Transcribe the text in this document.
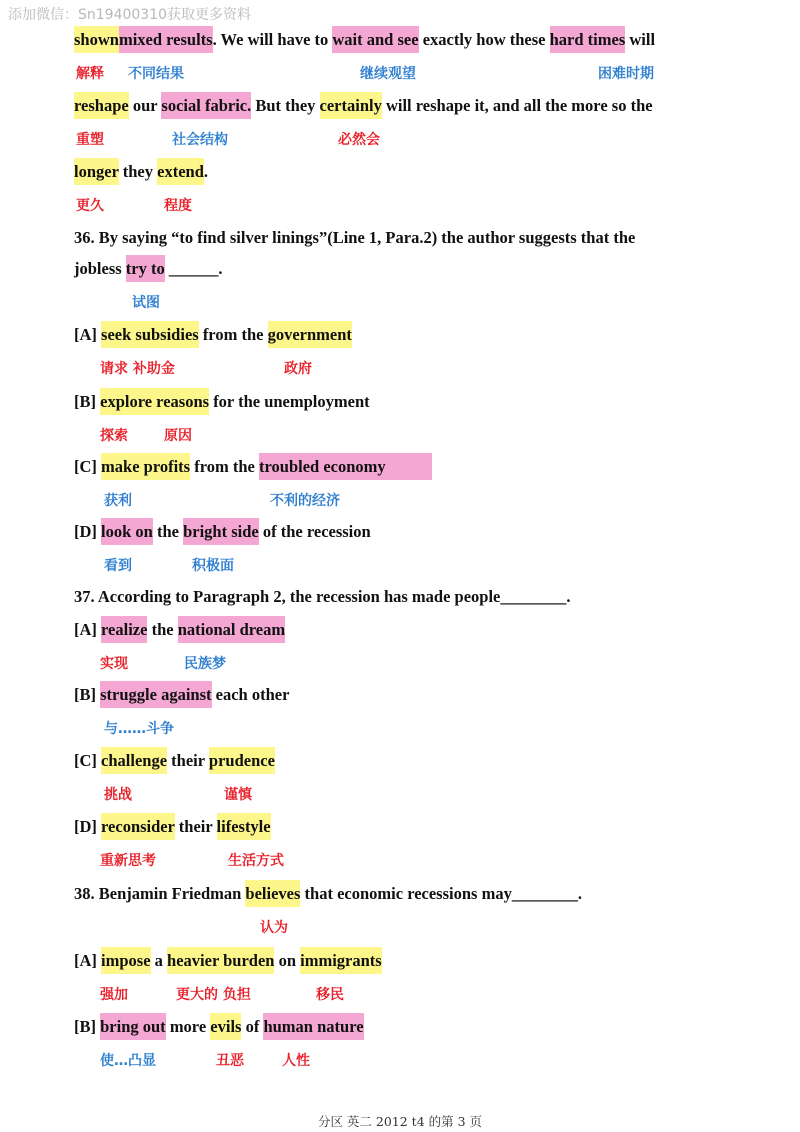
添加微信：Sn19400310获取更多资料
shownmixed results. We will have to wait and see exactly how these hard times will
解释 不同结果	继续观望	困难时期
reshape our social fabric. But they certainly will reshape it, and all the more so the
重塑	社会结构	必然会
longer they extend.
更久	程度
36. By saying “to find silver linings”(Line 1, Para.2) the author suggests that the
jobless try to ______.
试图
[A] seek subsidies from the government
请求 补助金	政府
[B] explore reasons for the unemployment
探索	原因
[C] make profits from the troubled economy
获利	不利的经济
[D] look on the bright side of the recession
看到	积极面
37. According to Paragraph 2, the recession has made people________.
[A] realize the national dream
实现	民族梦
[B] struggle against each other
与……斗争
[C] challenge their prudence
挑战	谨慎
[D] reconsider their lifestyle
重新思考	生活方式
38. Benjamin Friedman believes that economic recessions may________.
认为
[A] impose a heavier burden on immigrants
强加	更大的 负担	移民
[B] bring out more evils of human nature
使…凸显	丑恶	人性
分区 英二 2012 t4 的第 3 页
